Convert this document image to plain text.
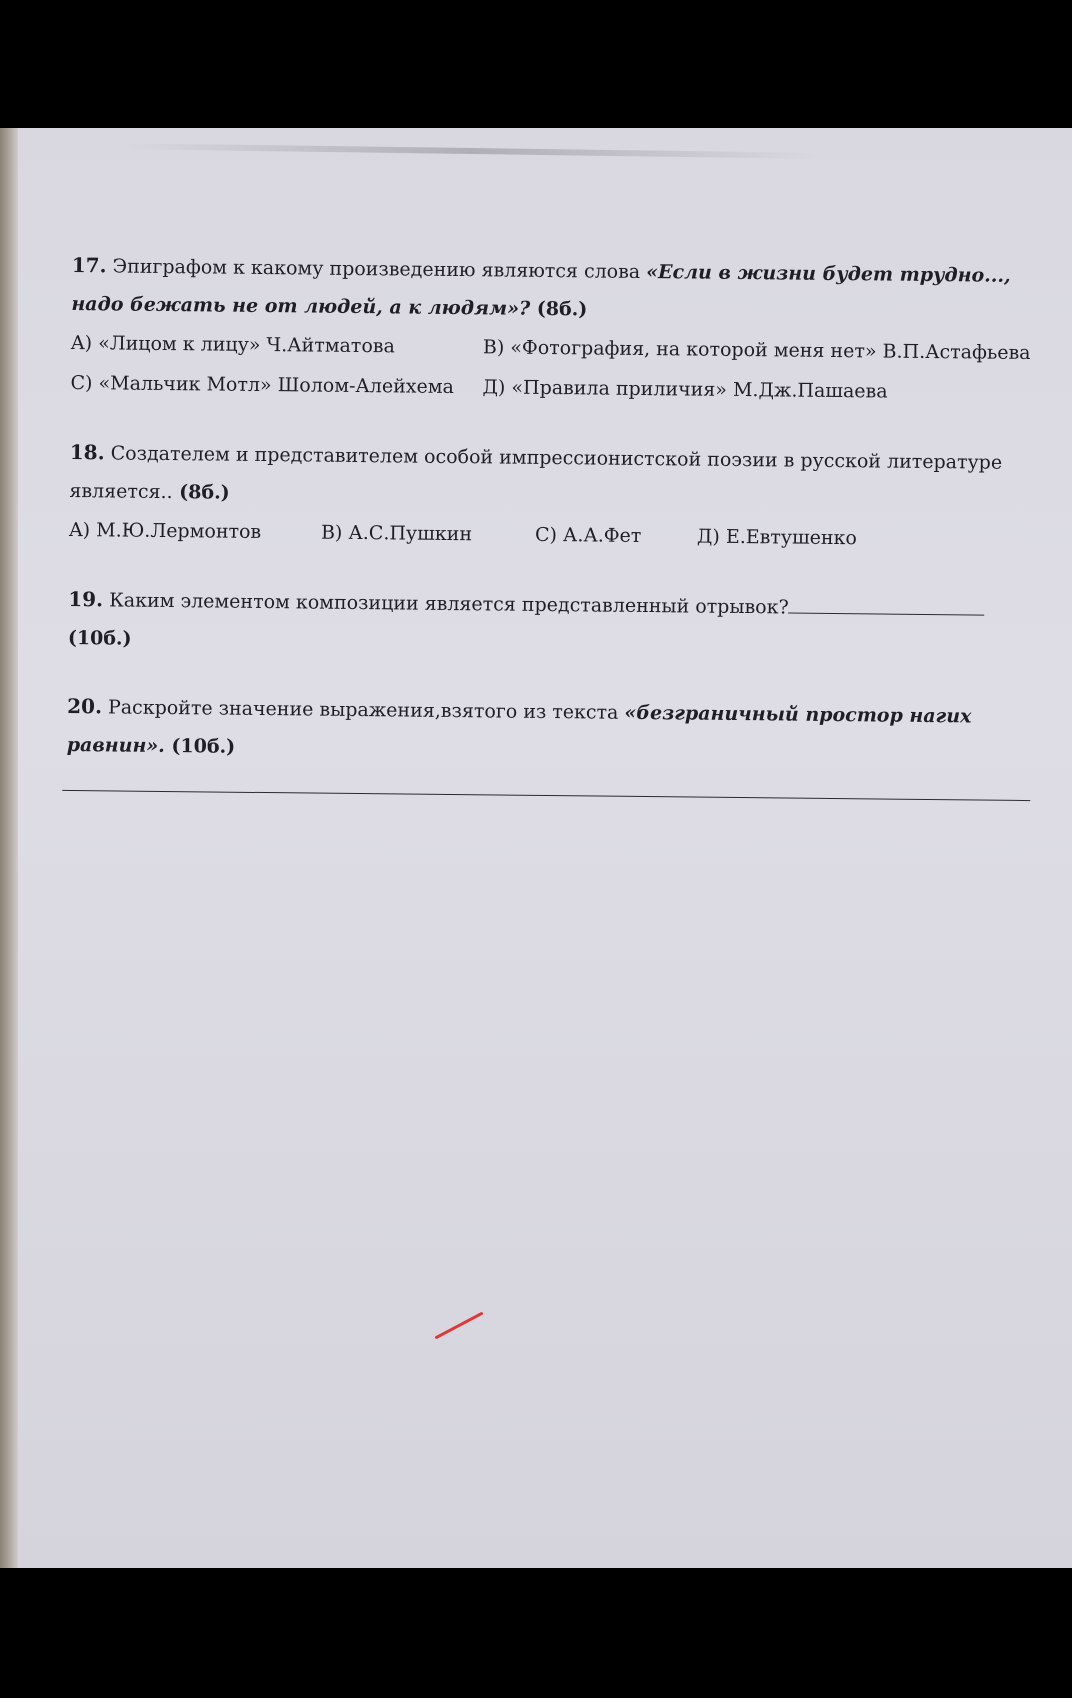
17. Эпиграфом к какому произведению являются слова «Если в жизни будет трудно..., надо бежать не от людей, а к людям»? (8б.)

A) «Лицом к лицу» Ч.Айтматова	B) «Фотография, на которой меня нет» В.П.Астафьева
C) «Мальчик Мотл» Шолом-Алейхема	Д) «Правила приличия» М.Дж.Пашаева

18. Создателем и представителем особой импрессионистской поэзии в русской литературе является.. (8б.)

A) М.Ю.Лермонтов	B) А.С.Пушкин	C) А.А.Фет	Д) Е.Евтушенко

19. Каким элементом композиции является представленный отрывок?

(10б.)

20. Раскройте значение выражения,взятого из текста «безграничный простор нагих равнин». (10б.)
